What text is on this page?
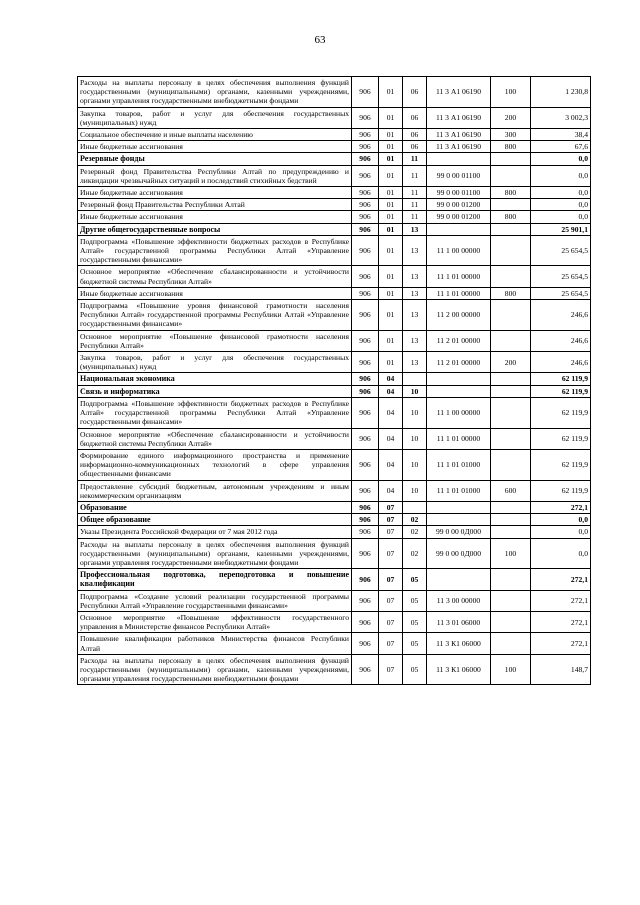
63
Расходы на выплаты персоналу в целях обеспечения выполнения функций государственными (муниципальными) органами, казенными учреждениями, органами управления государственными внебюджетными фондами	906	01	06	11 3 А1 06190	100	1 230,8
Закупка товаров, работ и услуг для обеспечения государственных (муниципальных) нужд	906	01	06	11 3 А1 06190	200	3 002,3
Социальное обеспечение и иные выплаты населению	906	01	06	11 3 А1 06190	300	38,4
Иные бюджетные ассигнования	906	01	06	11 3 А1 06190	800	67,6
Резервные фонды	906	01	11			0,0
Резервный фонд Правительства Республики Алтай по предупреждению и ликвидации чрезвычайных ситуаций и последствий стихийных бедствий	906	01	11	99 0 00 01100		0,0
Иные бюджетные ассигнования	906	01	11	99 0 00 01100	800	0,0
Резервный фонд Правительства Республики Алтай	906	01	11	99 0 00 01200		0,0
Иные бюджетные ассигнования	906	01	11	99 0 00 01200	800	0,0
Другие общегосударственные вопросы	906	01	13			25 901,1
Подпрограмма «Повышение эффективности бюджетных расходов в Республике Алтай» государственной программы Республики Алтай «Управление государственными финансами»	906	01	13	11 1 00 00000		25 654,5
Основное мероприятие «Обеспечение сбалансированности и устойчивости бюджетной системы Республики Алтай»	906	01	13	11 1 01 00000		25 654,5
Иные бюджетные ассигнования	906	01	13	11 1 01 00000	800	25 654,5
Подпрограмма «Повышение уровня финансовой грамотности населения Республики Алтай» государственной программы Республики Алтай «Управление государственными финансами»	906	01	13	11 2 00 00000		246,6
Основное мероприятие «Повышение финансовой грамотности населения Республики Алтай»	906	01	13	11 2 01 00000		246,6
Закупка товаров, работ и услуг для обеспечения государственных (муниципальных) нужд	906	01	13	11 2 01 00000	200	246,6
Национальная экономика	906	04				62 119,9
Связь и информатика	906	04	10			62 119,9
Подпрограмма «Повышение эффективности бюджетных расходов в Республике Алтай» государственной программы Республики Алтай «Управление государственными финансами»	906	04	10	11 1 00 00000		62 119,9
Основное мероприятие «Обеспечение сбалансированности и устойчивости бюджетной системы Республики Алтай»	906	04	10	11 1 01 00000		62 119,9
Формирование единого информационного пространства и применение информационно-коммуникационных технологий в сфере управления общественными финансами	906	04	10	11 1 01 01000		62 119,9
Предоставление субсидий бюджетным, автономным учреждениям и иным некоммерческим организациям	906	04	10	11 1 01 01000	600	62 119,9
Образование	906	07				272,1
Общее образование	906	07	02			0,0
Указы Президента Российской Федерации от 7 мая 2012 года	906	07	02	99 0 00 0Д000		0,0
Расходы на выплаты персоналу в целях обеспечения выполнения функций государственными (муниципальными) органами, казенными учреждениями, органами управления государственными внебюджетными фондами	906	07	02	99 0 00 0Д000	100	0,0
Профессиональная подготовка, переподготовка и повышение квалификации	906	07	05			272,1
Подпрограмма «Создание условий реализации государственной программы Республики Алтай «Управление государственными финансами»	906	07	05	11 3 00 00000		272,1
Основное мероприятие «Повышение эффективности государственного управления в Министерстве финансов Республики Алтай»	906	07	05	11 3 01 06000		272,1
Повышение квалификации работников Министерства финансов Республики Алтай	906	07	05	11 3 К1 06000		272,1
Расходы на выплаты персоналу в целях обеспечения выполнения функций государственными (муниципальными) органами, казенными учреждениями, органами управления государственными внебюджетными фондами	906	07	05	11 3 К1 06000	100	148,7
